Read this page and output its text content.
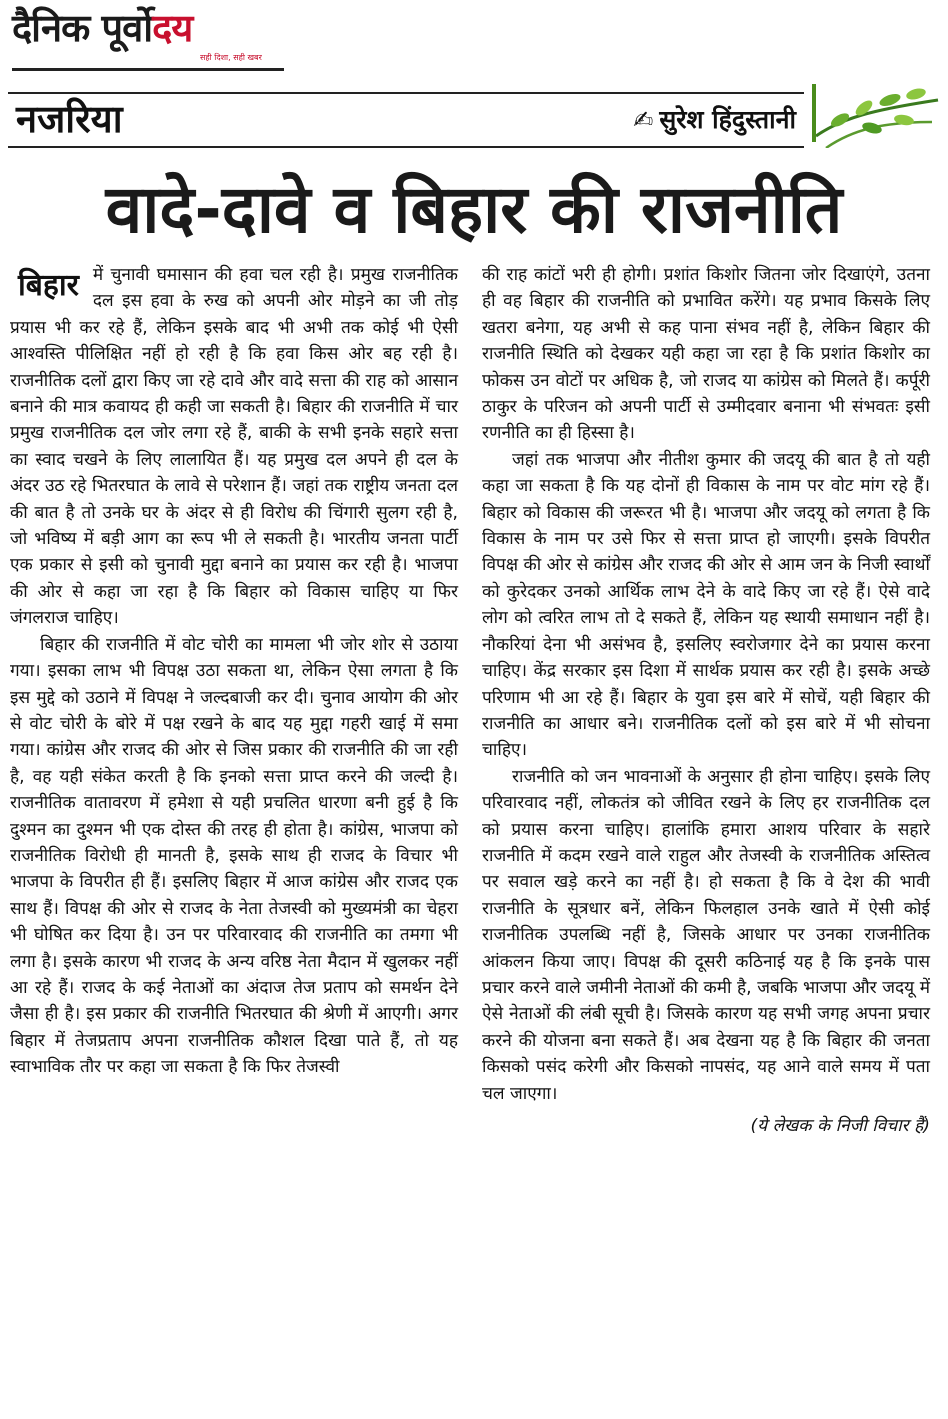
दैनिक पूर्वोदय
सही दिशा, सही खबर
नजरिया	✍ सुरेश हिंदुस्तानी
वादे-दावे व बिहार की राजनीति

बिहार में चुनावी घमासान की हवा चल रही है। प्रमुख राजनीतिक दल इस हवा के रुख को अपनी ओर मोड़ने का जी तोड़ प्रयास भी कर रहे हैं, लेकिन इसके बाद भी अभी तक कोई भी ऐसी आश्वस्ति पीलिक्षित नहीं हो रही है कि हवा किस ओर बह रही है। राजनीतिक दलों द्वारा किए जा रहे दावे और वादे सत्ता की राह को आसान बनाने की मात्र कवायद ही कही जा सकती है। बिहार की राजनीति में चार प्रमुख राजनीतिक दल जोर लगा रहे हैं, बाकी के सभी इनके सहारे सत्ता का स्वाद चखने के लिए लालायित हैं। यह प्रमुख दल अपने ही दल के अंदर उठ रहे भितरघात के लावे से परेशान हैं। जहां तक राष्ट्रीय जनता दल की बात है तो उनके घर के अंदर से ही विरोध की चिंगारी सुलग रही है, जो भविष्य में बड़ी आग का रूप भी ले सकती है। भारतीय जनता पार्टी एक प्रकार से इसी को चुनावी मुद्दा बनाने का प्रयास कर रही है। भाजपा की ओर से कहा जा रहा है कि बिहार को विकास चाहिए या फिर जंगलराज चाहिए।

बिहार की राजनीति में वोट चोरी का मामला भी जोर शोर से उठाया गया। इसका लाभ भी विपक्ष उठा सकता था, लेकिन ऐसा लगता है कि इस मुद्दे को उठाने में विपक्ष ने जल्दबाजी कर दी। चुनाव आयोग की ओर से वोट चोरी के बोरे में पक्ष रखने के बाद यह मुद्दा गहरी खाई में समा गया। कांग्रेस और राजद की ओर से जिस प्रकार की राजनीति की जा रही है, वह यही संकेत करती है कि इनको सत्ता प्राप्त करने की जल्दी है। राजनीतिक वातावरण में हमेशा से यही प्रचलित धारणा बनी हुई है कि दुश्मन का दुश्मन भी एक दोस्त की तरह ही होता है। कांग्रेस, भाजपा को राजनीतिक विरोधी ही मानती है, इसके साथ ही राजद के विचार भी भाजपा के विपरीत ही हैं। इसलिए बिहार में आज कांग्रेस और राजद एक साथ हैं। विपक्ष की ओर से राजद के नेता तेजस्वी को मुख्यमंत्री का चेहरा भी घोषित कर दिया है। उन पर परिवारवाद की राजनीति का तमगा भी लगा है। इसके कारण भी राजद के अन्य वरिष्ठ नेता मैदान में खुलकर नहीं आ रहे हैं। राजद के कई नेताओं का अंदाज तेज प्रताप को समर्थन देने जैसा ही है। इस प्रकार की राजनीति भितरघात की श्रेणी में आएगी। अगर बिहार में तेजप्रताप अपना राजनीतिक कौशल दिखा पाते हैं, तो यह स्वाभाविक तौर पर कहा जा सकता है कि फिर तेजस्वी

की राह कांटों भरी ही होगी। प्रशांत किशोर जितना जोर दिखाएंगे, उतना ही वह बिहार की राजनीति को प्रभावित करेंगे। यह प्रभाव किसके लिए खतरा बनेगा, यह अभी से कह पाना संभव नहीं है, लेकिन बिहार की राजनीति स्थिति को देखकर यही कहा जा रहा है कि प्रशांत किशोर का फोकस उन वोटों पर अधिक है, जो राजद या कांग्रेस को मिलते हैं। कर्पूरी ठाकुर के परिजन को अपनी पार्टी से उम्मीदवार बनाना भी संभवतः इसी रणनीति का ही हिस्सा है।

जहां तक भाजपा और नीतीश कुमार की जदयू की बात है तो यही कहा जा सकता है कि यह दोनों ही विकास के नाम पर वोट मांग रहे हैं। बिहार को विकास की जरूरत भी है। भाजपा और जदयू को लगता है कि विकास के नाम पर उसे फिर से सत्ता प्राप्त हो जाएगी। इसके विपरीत विपक्ष की ओर से कांग्रेस और राजद की ओर से आम जन के निजी स्वार्थों को कुरेदकर उनको आर्थिक लाभ देने के वादे किए जा रहे हैं। ऐसे वादे लोग को त्वरित लाभ तो दे सकते हैं, लेकिन यह स्थायी समाधान नहीं है। नौकरियां देना भी असंभव है, इसलिए स्वरोजगार देने का प्रयास करना चाहिए। केंद्र सरकार इस दिशा में सार्थक प्रयास कर रही है। इसके अच्छे परिणाम भी आ रहे हैं। बिहार के युवा इस बारे में सोचें, यही बिहार की राजनीति का आधार बने। राजनीतिक दलों को इस बारे में भी सोचना चाहिए।

राजनीति को जन भावनाओं के अनुसार ही होना चाहिए। इसके लिए परिवारवाद नहीं, लोकतंत्र को जीवित रखने के लिए हर राजनीतिक दल को प्रयास करना चाहिए। हालांकि हमारा आशय परिवार के सहारे राजनीति में कदम रखने वाले राहुल और तेजस्वी के राजनीतिक अस्तित्व पर सवाल खड़े करने का नहीं है। हो सकता है कि वे देश की भावी राजनीति के सूत्रधार बनें, लेकिन फिलहाल उनके खाते में ऐसी कोई राजनीतिक उपलब्धि नहीं है, जिसके आधार पर उनका राजनीतिक आंकलन किया जाए। विपक्ष की दूसरी कठिनाई यह है कि इनके पास प्रचार करने वाले जमीनी नेताओं की कमी है, जबकि भाजपा और जदयू में ऐसे नेताओं की लंबी सूची है। जिसके कारण यह सभी जगह अपना प्रचार करने की योजना बना सकते हैं। अब देखना यह है कि बिहार की जनता किसको पसंद करेगी और किसको नापसंद, यह आने वाले समय में पता चल जाएगा।

(ये लेखक के निजी विचार हैं)
